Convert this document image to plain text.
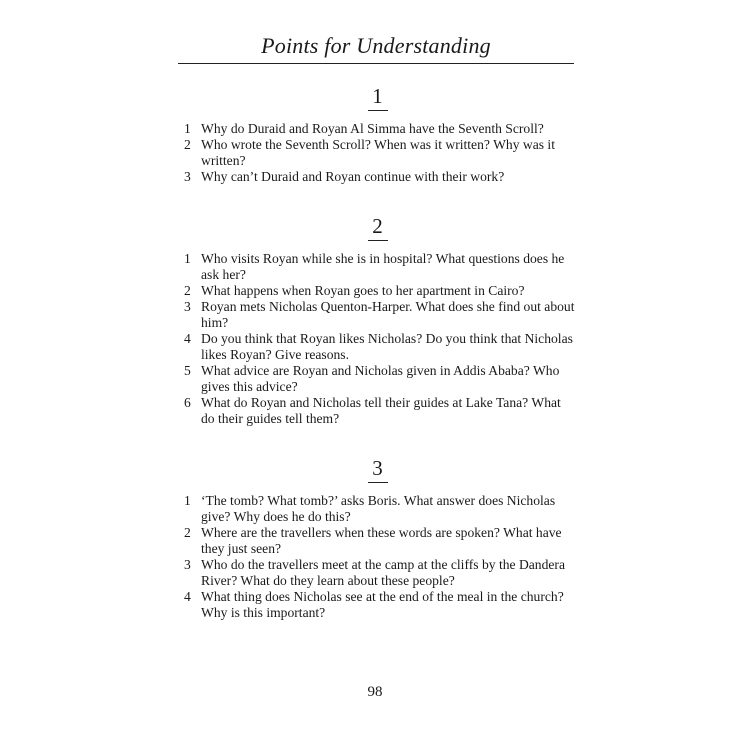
Points for Understanding
1
1 Why do Duraid and Royan Al Simma have the Seventh Scroll?
2 Who wrote the Seventh Scroll? When was it written? Why was it written?
3 Why can’t Duraid and Royan continue with their work?
2
1 Who visits Royan while she is in hospital? What questions does he ask her?
2 What happens when Royan goes to her apartment in Cairo?
3 Royan mets Nicholas Quenton-Harper. What does she find out about him?
4 Do you think that Royan likes Nicholas? Do you think that Nicholas likes Royan? Give reasons.
5 What advice are Royan and Nicholas given in Addis Ababa? Who gives this advice?
6 What do Royan and Nicholas tell their guides at Lake Tana? What do their guides tell them?
3
1 ‘The tomb? What tomb?’ asks Boris. What answer does Nicholas give? Why does he do this?
2 Where are the travellers when these words are spoken? What have they just seen?
3 Who do the travellers meet at the camp at the cliffs by the Dandera River? What do they learn about these people?
4 What thing does Nicholas see at the end of the meal in the church? Why is this important?
98
